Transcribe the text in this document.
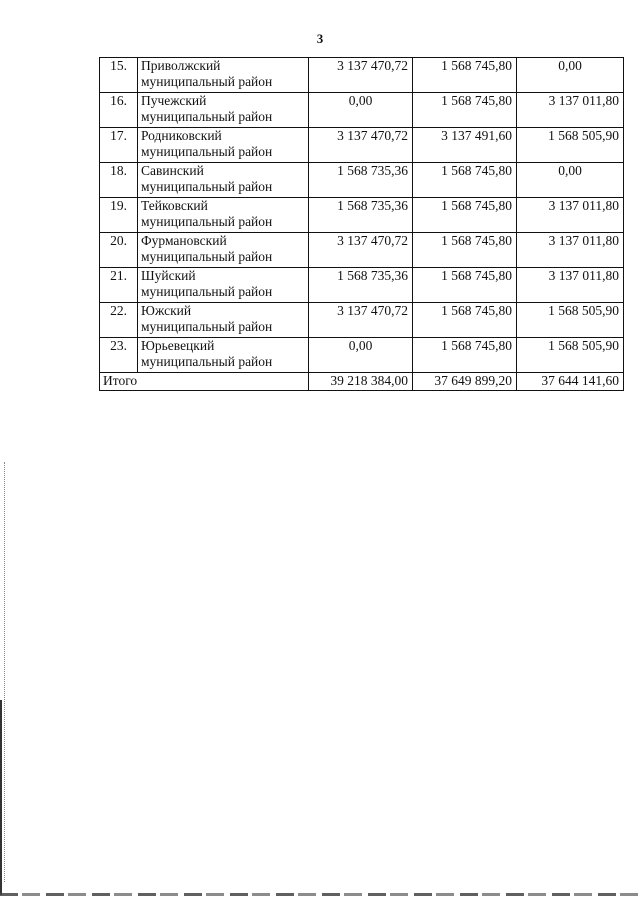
3
15.	Приволжский
муниципальный район	3 137 470,72	1 568 745,80	0,00
16.	Пучежский
муниципальный район	0,00	1 568 745,80	3 137 011,80
17.	Родниковский
муниципальный район	3 137 470,72	3 137 491,60	1 568 505,90
18.	Савинский
муниципальный район	1 568 735,36	1 568 745,80	0,00
19.	Тейковский
муниципальный район	1 568 735,36	1 568 745,80	3 137 011,80
20.	Фурмановский
муниципальный район	3 137 470,72	1 568 745,80	3 137 011,80
21.	Шуйский
муниципальный район	1 568 735,36	1 568 745,80	3 137 011,80
22.	Южский
муниципальный район	3 137 470,72	1 568 745,80	1 568 505,90
23.	Юрьевецкий
муниципальный район	0,00	1 568 745,80	1 568 505,90
Итого		39 218 384,00	37 649 899,20	37 644 141,60
